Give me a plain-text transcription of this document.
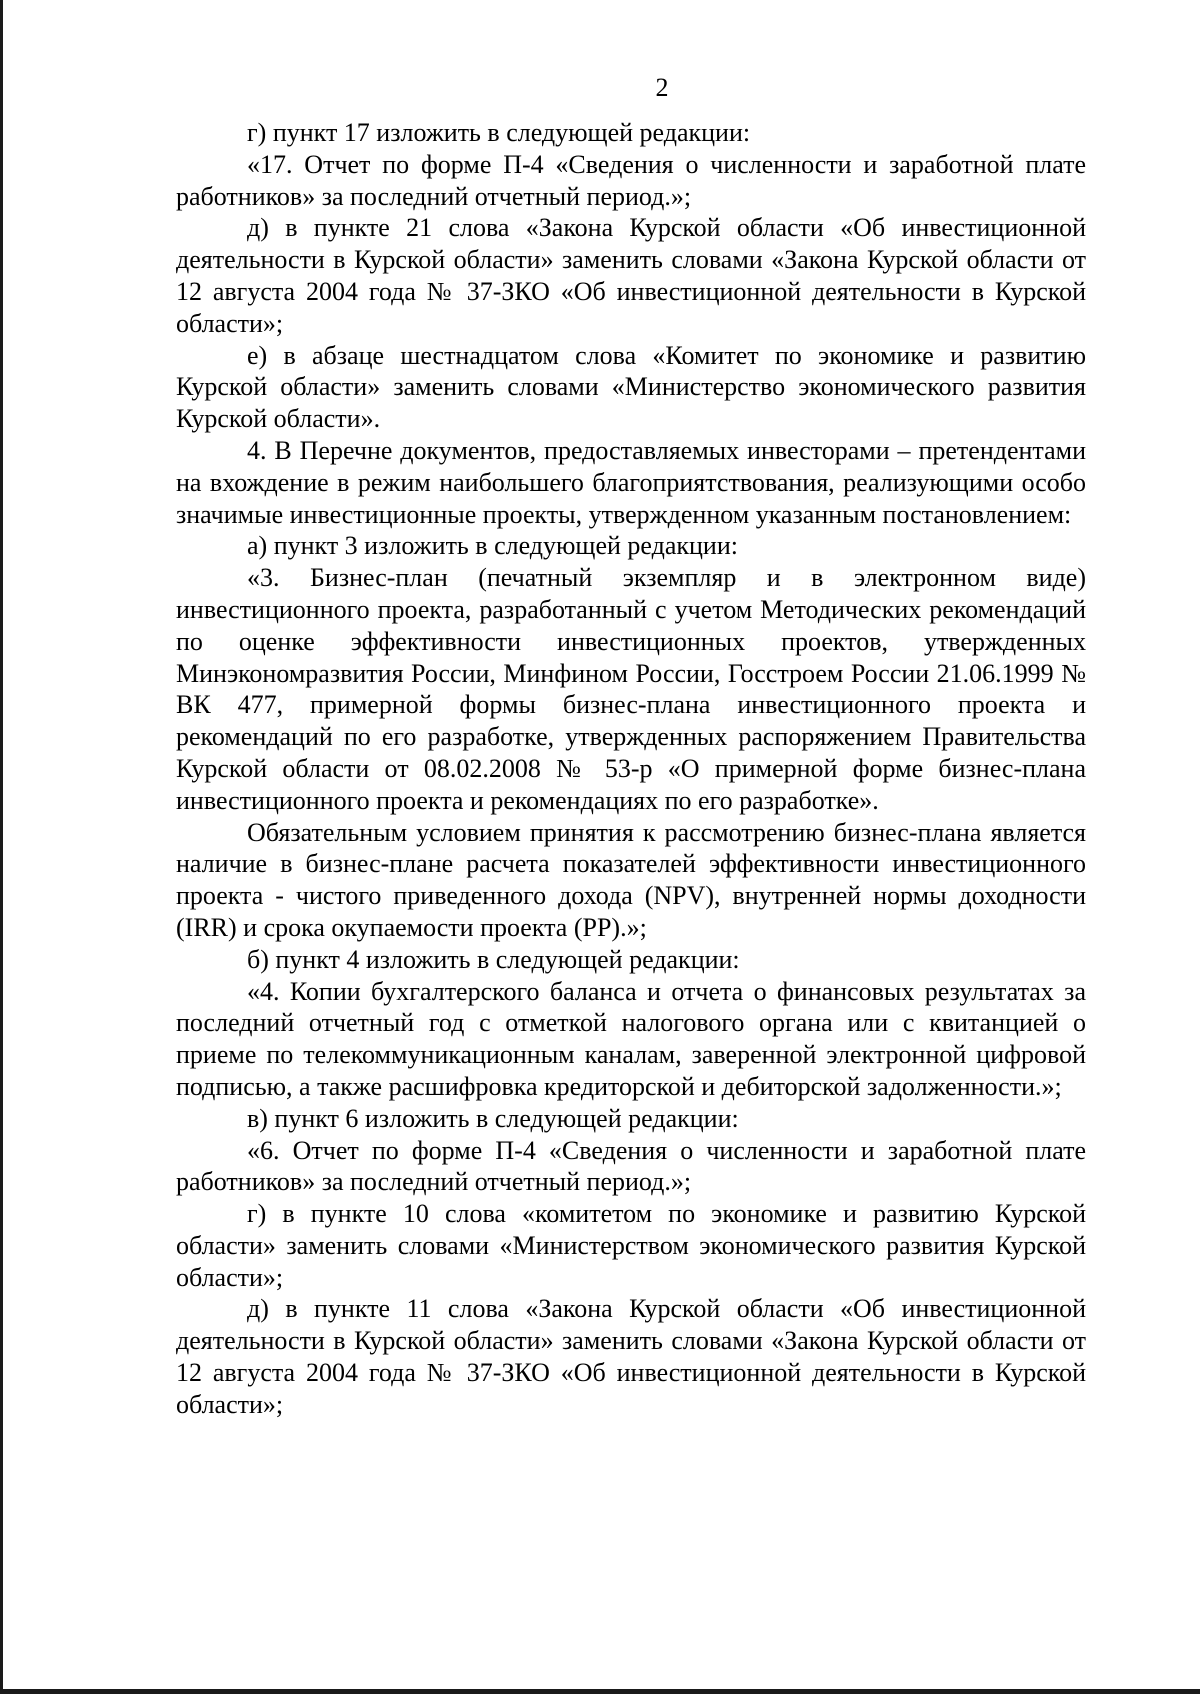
2

г) пункт 17 изложить в следующей редакции:

«17. Отчет по форме П-4 «Сведения о численности и заработной плате работников» за последний отчетный период.»;

д) в пункте 21 слова «Закона Курской области «Об инвестиционной деятельности в Курской области» заменить словами «Закона Курской области от 12 августа 2004 года № 37-ЗКО «Об инвестиционной деятельности в Курской области»;

е) в абзаце шестнадцатом слова «Комитет по экономике и развитию Курской области» заменить словами «Министерство экономического развития Курской области».

4. В Перечне документов, предоставляемых инвесторами – претендентами на вхождение в режим наибольшего благоприятствования, реализующими особо значимые инвестиционные проекты, утвержденном указанным постановлением:

а) пункт 3 изложить в следующей редакции:

«3. Бизнес-план (печатный экземпляр и в электронном виде) инвестиционного проекта, разработанный с учетом Методических рекомендаций по оценке эффективности инвестиционных проектов, утвержденных Минэкономразвития России, Минфином России, Госстроем России 21.06.1999 № ВК 477, примерной формы бизнес-плана инвестиционного проекта и рекомендаций по его разработке, утвержденных распоряжением Правительства Курской области от 08.02.2008 № 53-р «О примерной форме бизнес-плана инвестиционного проекта и рекомендациях по его разработке».

Обязательным условием принятия к рассмотрению бизнес-плана является наличие в бизнес-плане расчета показателей эффективности инвестиционного проекта - чистого приведенного дохода (NPV), внутренней нормы доходности (IRR) и срока окупаемости проекта (PP).»;

б) пункт 4 изложить в следующей редакции:

«4. Копии бухгалтерского баланса и отчета о финансовых результатах за последний отчетный год с отметкой налогового органа или с квитанцией о приеме по телекоммуникационным каналам, заверенной электронной цифровой подписью, а также расшифровка кредиторской и дебиторской задолженности.»;

в) пункт 6 изложить в следующей редакции:

«6. Отчет по форме П-4 «Сведения о численности и заработной плате работников» за последний отчетный период.»;

г) в пункте 10 слова «комитетом по экономике и развитию Курской области» заменить словами «Министерством экономического развития Курской области»;

д) в пункте 11 слова «Закона Курской области «Об инвестиционной деятельности в Курской области» заменить словами «Закона Курской области от 12 августа 2004 года № 37-ЗКО «Об инвестиционной деятельности в Курской области»;
